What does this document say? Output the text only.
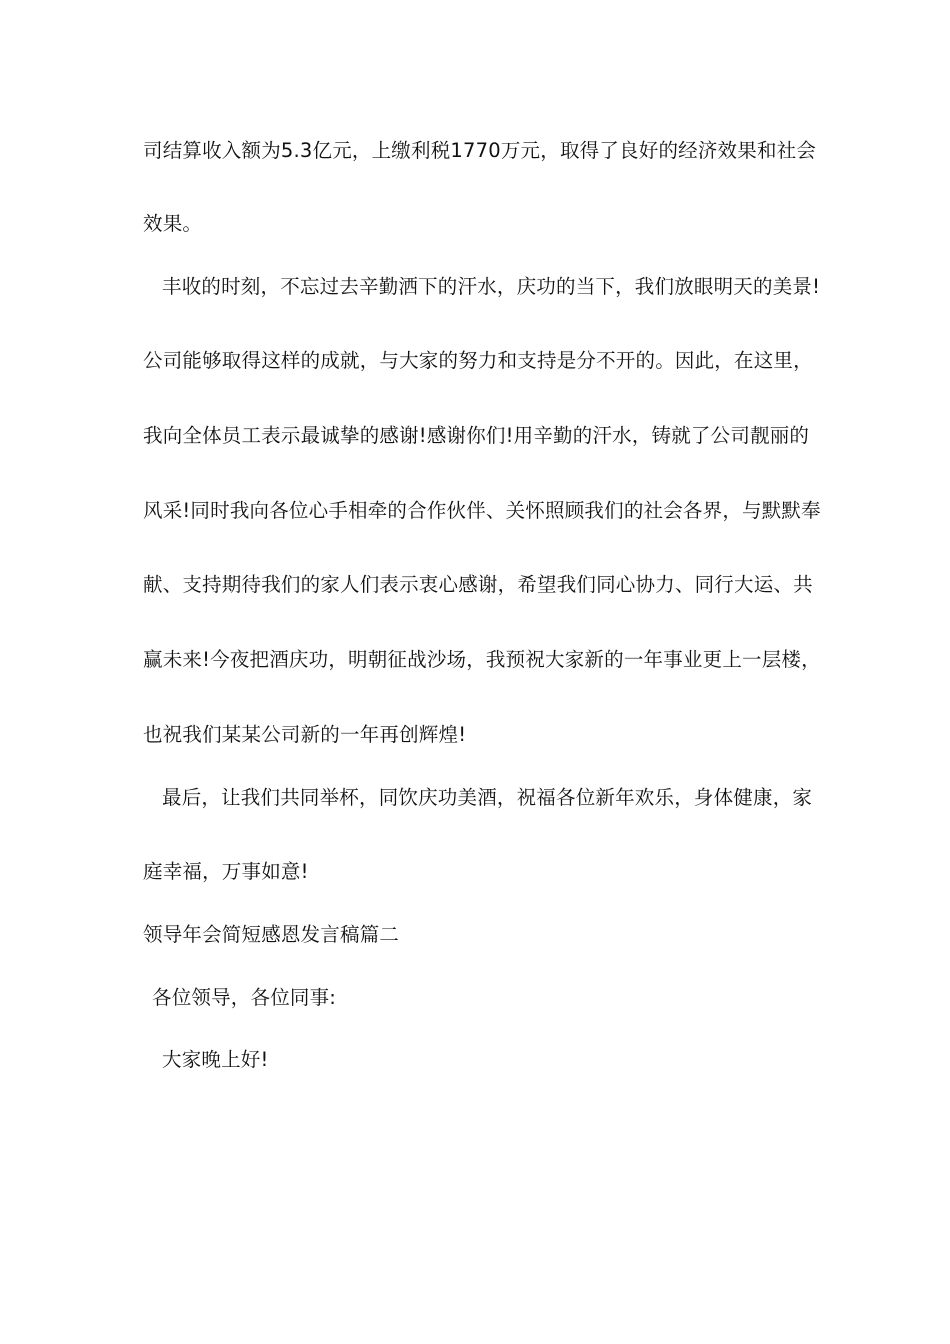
司结算收入额为5.3亿元，上缴利税1770万元，取得了良好的经济效果和社会
效果。
丰收的时刻，不忘过去辛勤洒下的汗水，庆功的当下，我们放眼明天的美景!
公司能够取得这样的成就，与大家的努力和支持是分不开的。因此，在这里，
我向全体员工表示最诚挚的感谢!感谢你们!用辛勤的汗水，铸就了公司靓丽的
风采!同时我向各位心手相牵的合作伙伴、关怀照顾我们的社会各界，与默默奉
献、支持期待我们的家人们表示衷心感谢，希望我们同心协力、同行大运、共
赢未来!今夜把酒庆功，明朝征战沙场，我预祝大家新的一年事业更上一层楼，
也祝我们某某公司新的一年再创辉煌!
最后，让我们共同举杯，同饮庆功美酒，祝福各位新年欢乐，身体健康，家
庭幸福，万事如意!
领导年会简短感恩发言稿篇二
各位领导，各位同事:
大家晚上好!
